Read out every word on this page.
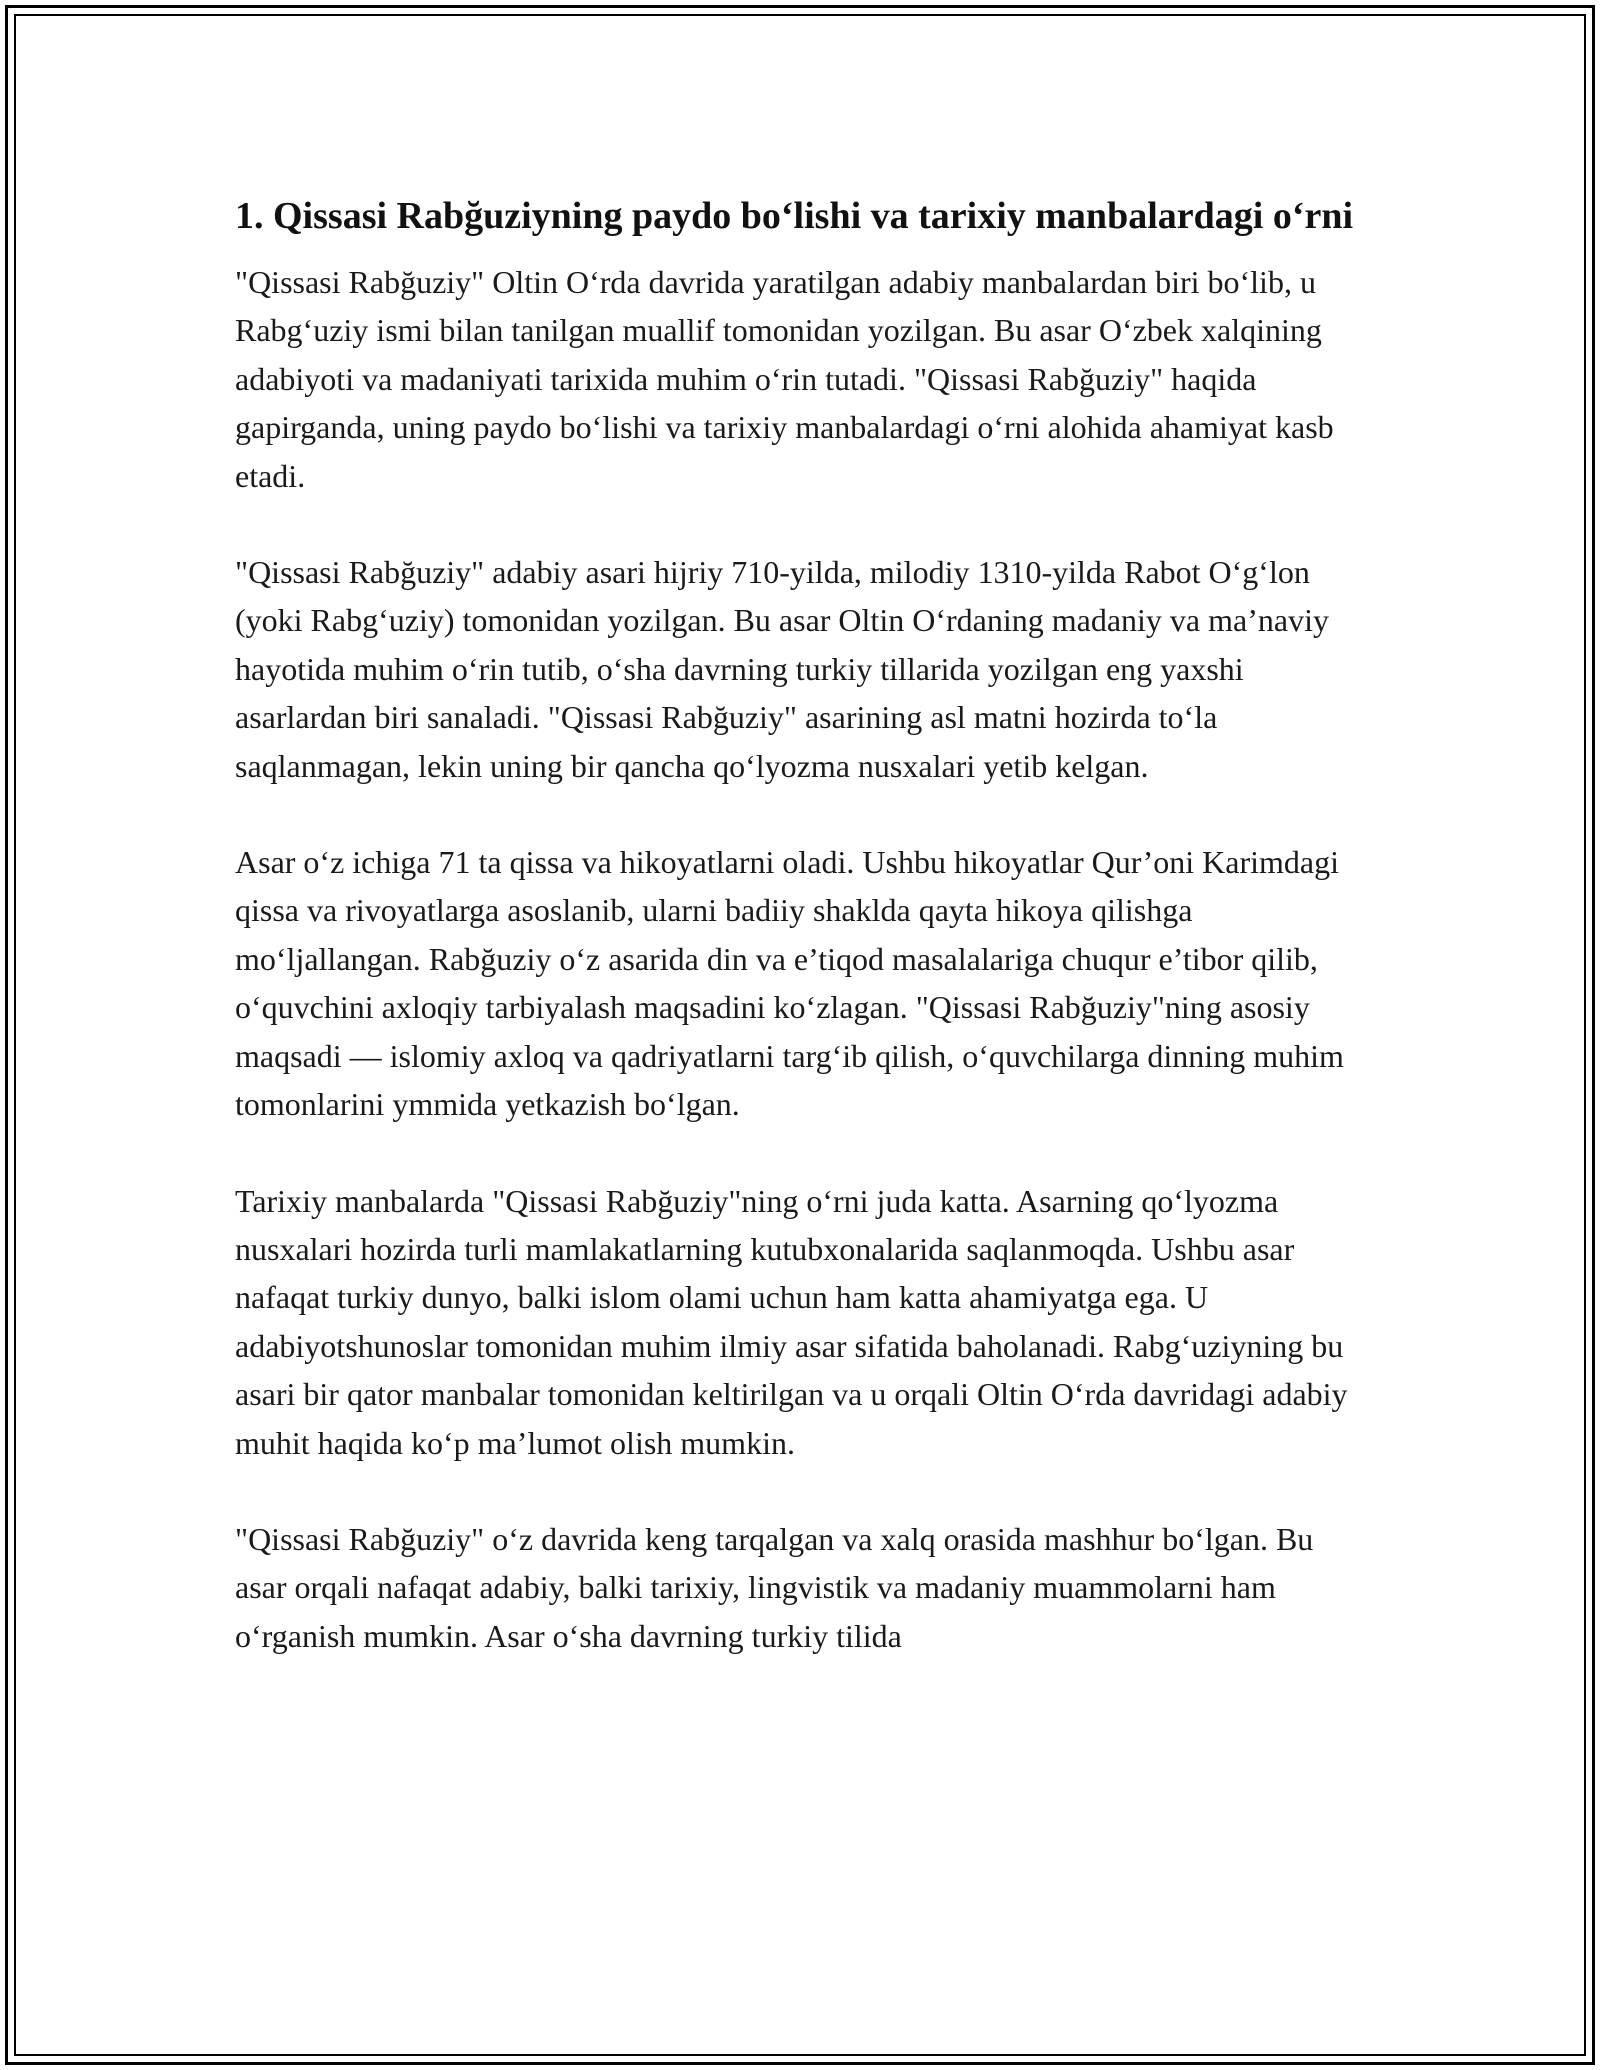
1. Qissasi Rabğuziyning paydo bo‘lishi va tarixiy manbalardagi o‘rni

"Qissasi Rabğuziy" Oltin O‘rda davrida yaratilgan adabiy manbalardan biri bo‘lib, u Rabg‘uziy ismi bilan tanilgan muallif tomonidan yozilgan. Bu asar O‘zbek xalqining adabiyoti va madaniyati tarixida muhim o‘rin tutadi. "Qissasi Rabğuziy" haqida gapirganda, uning paydo bo‘lishi va tarixiy manbalardagi o‘rni alohida ahamiyat kasb etadi.

"Qissasi Rabğuziy" adabiy asari hijriy 710-yilda, milodiy 1310-yilda Rabot O‘g‘lon (yoki Rabg‘uziy) tomonidan yozilgan. Bu asar Oltin O‘rdaning madaniy va ma’naviy hayotida muhim o‘rin tutib, o‘sha davrning turkiy tillarida yozilgan eng yaxshi asarlardan biri sanaladi. "Qissasi Rabğuziy" asarining asl matni hozirda to‘la saqlanmagan, lekin uning bir qancha qo‘lyozma nusxalari yetib kelgan.

Asar o‘z ichiga 71 ta qissa va hikoyatlarni oladi. Ushbu hikoyatlar Qur’oni Karimdagi qissa va rivoyatlarga asoslanib, ularni badiiy shakldа qayta hikoya qilishga mo‘ljallangan. Rabğuziy o‘z asarida din va e’tiqod masalalariga chuqur e’tibor qilib, o‘quvchini axloqiy tarbiyalash maqsadini ko‘zlagan. "Qissasi Rabğuziy"ning asosiy maqsadi — islomiy axloq va qadriyatlarni targ‘ib qilish, o‘quvchilarga dinning muhim tomonlarini ymmida yetkazish bo‘lgan.

Tarixiy manbalarda "Qissasi Rabğuziy"ning o‘rni juda katta. Asarning qo‘lyozma nusxalari hozirda turli mamlakatlarning kutubxonalarida saqlanmoqda. Ushbu asar nafaqat turkiy dunyo, balki islom olami uchun ham katta ahamiyatga ega. U adabiyotshunoslar tomonidan muhim ilmiy asar sifatida baholanadi. Rabg‘uziyning bu asari bir qator manbalar tomonidan keltirilgan va u orqali Oltin O‘rda davridagi adabiy muhit haqida ko‘p ma’lumot olish mumkin.

"Qissasi Rabğuziy" o‘z davrida keng tarqalgan va xalq orasida mashhur bo‘lgan. Bu asar orqali nafaqat adabiy, balki tarixiy, lingvistik va madaniy muammolarni ham o‘rganish mumkin. Asar o‘sha davrning turkiy tilida
